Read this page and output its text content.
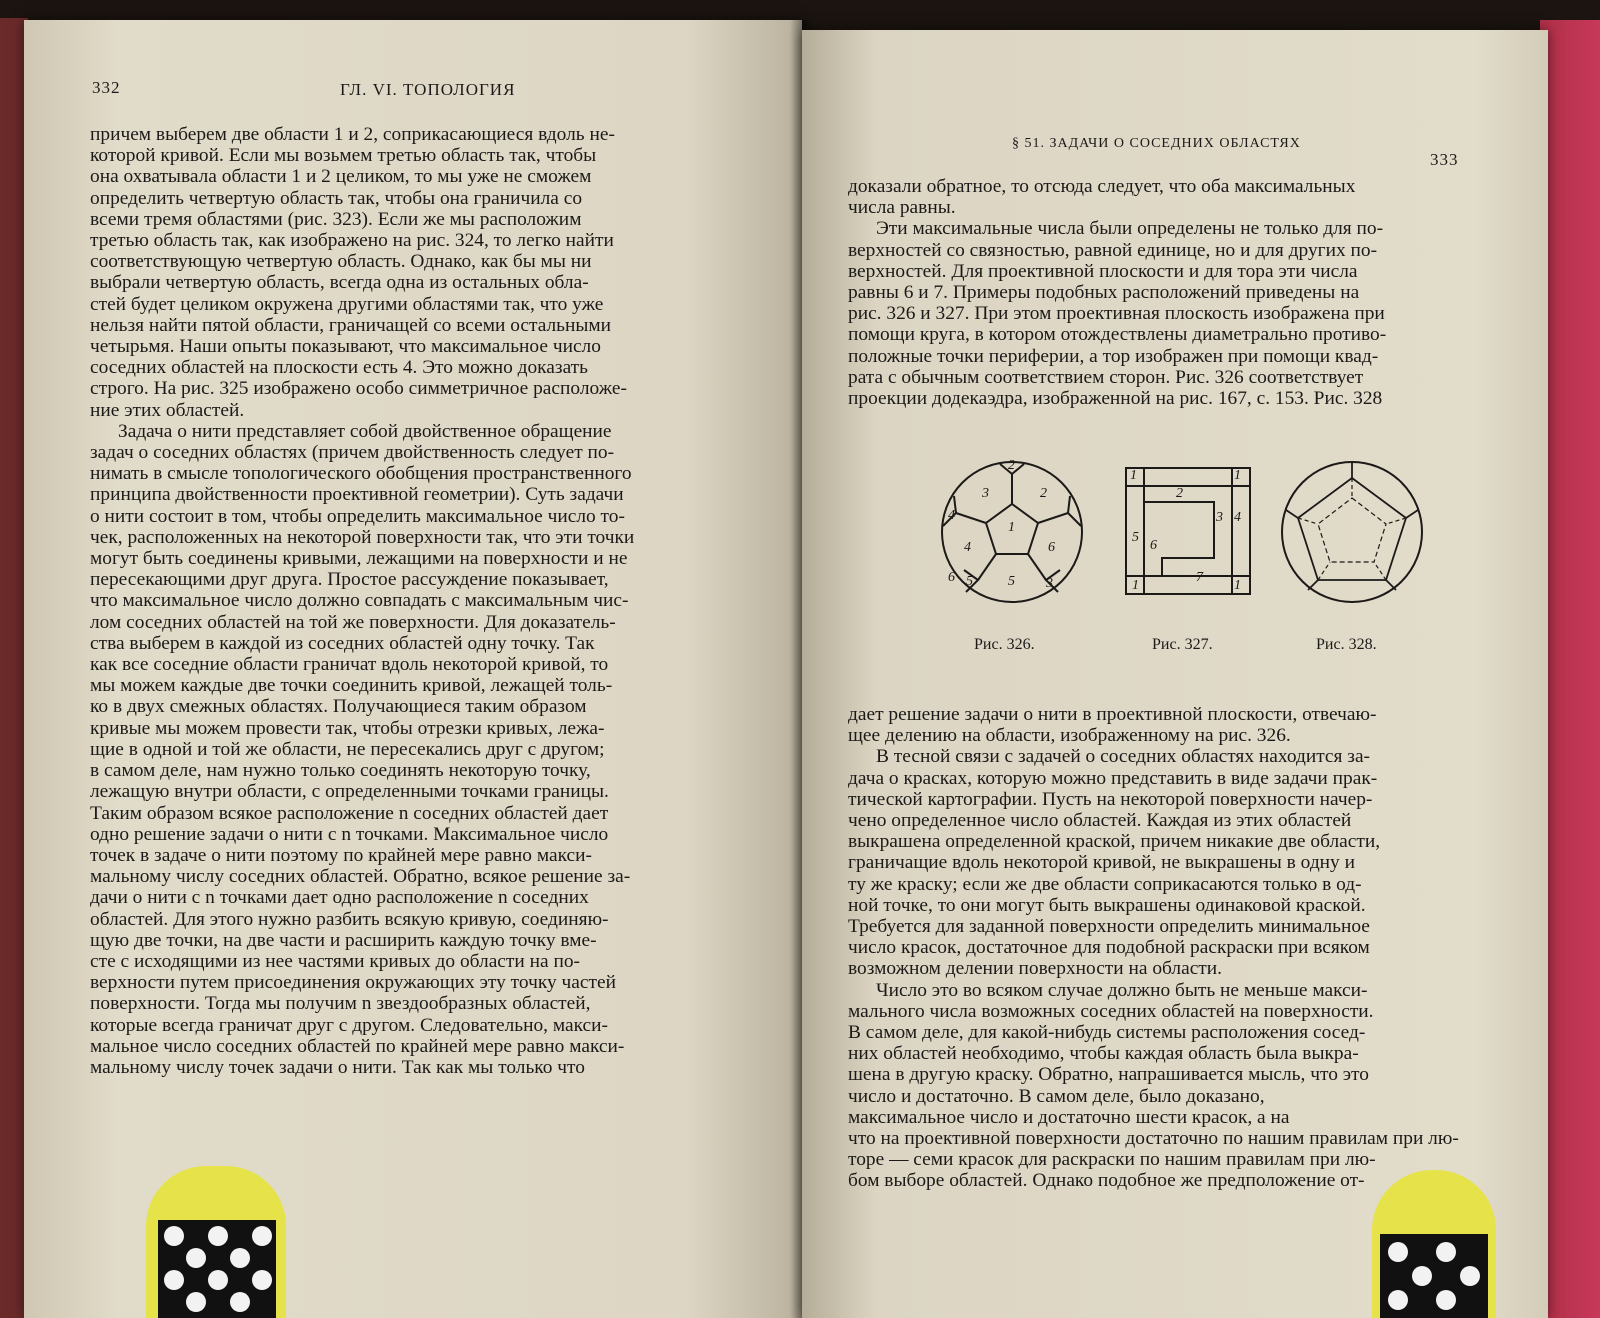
332	ГЛ. VI. ТОПОЛОГИЯ
причем выберем две области 1 и 2, соприкасающиеся вдоль не-
которой кривой. Если мы возьмем третью область так, чтобы
она охватывала области 1 и 2 целиком, то мы уже не сможем
определить четвертую область так, чтобы она граничила со
всеми тремя областями (рис. 323). Если же мы расположим
третью область так, как изображено на рис. 324, то легко найти
соответствующую четвертую область. Однако, как бы мы ни
выбрали четвертую область, всегда одна из остальных обла-
стей будет целиком окружена другими областями так, что уже
нельзя найти пятой области, граничащей со всеми остальными
четырьмя. Наши опыты показывают, что максимальное число
соседних областей на плоскости есть 4. Это можно доказать
строго. На рис. 325 изображено особо симметричное расположе-
ние этих областей.
Задача о нити представляет собой двойственное обращение
задач о соседних областях (причем двойственность следует по-
нимать в смысле топологического обобщения пространственного
принципа двойственности проективной геометрии). Суть задачи
о нити состоит в том, чтобы определить максимальное число то-
чек, расположенных на некоторой поверхности так, что эти точки
могут быть соединены кривыми, лежащими на поверхности и не
пересекающими друг друга. Простое рассуждение показывает,
что максимальное число должно совпадать с максимальным чис-
лом соседних областей на той же поверхности. Для доказатель-
ства выберем в каждой из соседних областей одну точку. Так
как все соседние области граничат вдоль некоторой кривой, то
мы можем каждые две точки соединить кривой, лежащей толь-
ко в двух смежных областях. Получающиеся таким образом
кривые мы можем провести так, чтобы отрезки кривых, лежа-
щие в одной и той же области, не пересекались друг с другом;
в самом деле, нам нужно только соединять некоторую точку,
лежащую внутри области, с определенными точками границы.
Таким образом всякое расположение n соседних областей дает
одно решение задачи о нити с n точками. Максимальное число
точек в задаче о нити поэтому по крайней мере равно макси-
мальному числу соседних областей. Обратно, всякое решение за-
дачи о нити с n точками дает одно расположение n соседних
областей. Для этого нужно разбить всякую кривую, соединяю-
щую две точки, на две части и расширить каждую точку вме-
сте с исходящими из нее частями кривых до области на по-
верхности путем присоединения окружающих эту точку частей
поверхности. Тогда мы получим n звездообразных областей,
которые всегда граничат друг с другом. Следовательно, макси-
мальное число соседних областей по крайней мере равно макси-
мальному числу точек задачи о нити. Так как мы только что
§ 51. ЗАДАЧИ О СОСЕДНИХ ОБЛАСТЯХ
333
доказали обратное, то отсюда следует, что оба максимальных
числа равны.
Эти максимальные числа были определены не только для по-
верхностей со связностью, равной единице, но и для других по-
верхностей. Для проективной плоскости и для тора эти числа
равны 6 и 7. Примеры подобных расположений приведены на
рис. 326 и 327. При этом проективная плоскость изображена при
помощи круга, в котором отождествлены диаметрально противо-
положные точки периферии, а тор изображен при помощи квад-
рата с обычным соответствием сторон. Рис. 326 соответствует
проекции додекаэдра, изображенной на рис. 167, с. 153. Рис. 328
1
2
3
4
5
6
2
3
4
5
6
1
2
3 4
5
6
7
1
1
1
Рис. 326.	Рис. 327.	Рис. 328.
дает решение задачи о нити в проективной плоскости, отвечаю-
щее делению на области, изображенному на рис. 326.
В тесной связи с задачей о соседних областях находится за-
дача о красках, которую можно представить в виде задачи прак-
тической картографии. Пусть на некоторой поверхности начер-
чено определенное число областей. Каждая из этих областей
выкрашена определенной краской, причем никакие две области,
граничащие вдоль некоторой кривой, не выкрашены в одну и
ту же краску; если же две области соприкасаются только в од-
ной точке, то они могут быть выкрашены одинаковой краской.
Требуется для заданной поверхности определить минимальное
число красок, достаточное для подобной раскраски при всяком
возможном делении поверхности на области.
Число это во всяком случае должно быть не меньше макси-
мального числа возможных соседних областей на поверхности.
В самом деле, для какой-нибудь системы расположения сосед-
них областей необходимо, чтобы каждая область была выкра-
шена в другую краску. Обратно, напрашивается мысль, что это
число и достаточно. В самом деле, было доказано,
максимальное число и достаточно шести красок, а на
что на проективной поверхности достаточно по нашим правилам при лю-
торе — семи красок для раскраски по нашим правилам при лю-
бом выборе областей. Однако подобное же предположение от-
